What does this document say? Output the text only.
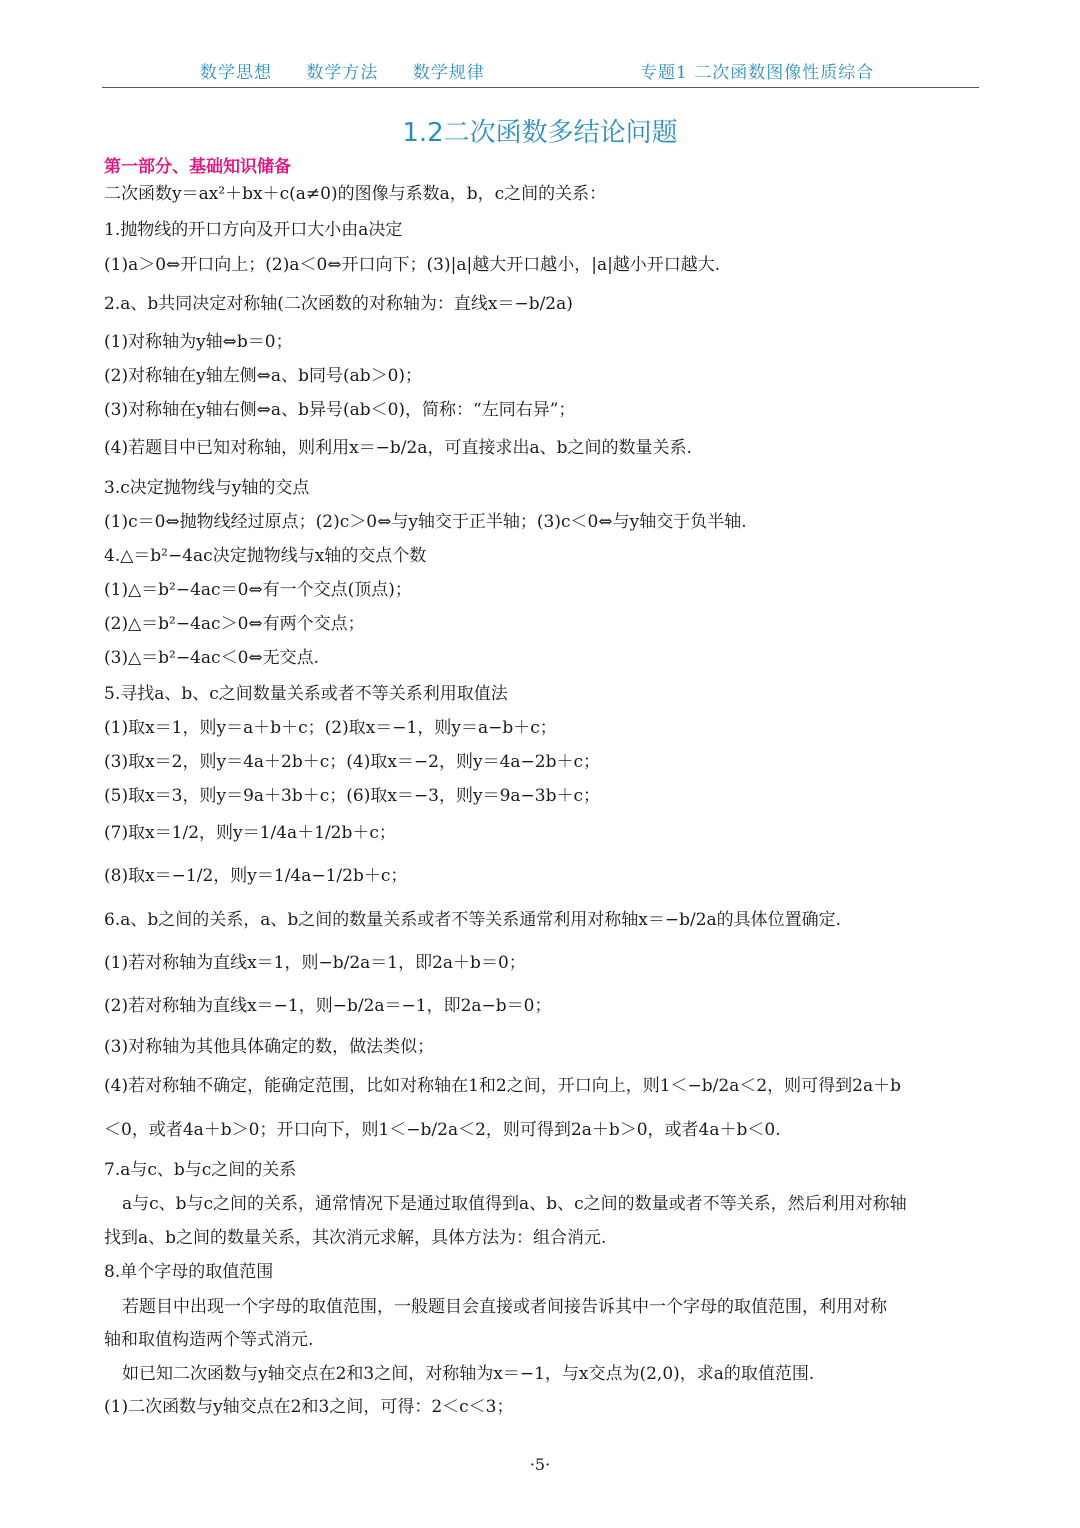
数学思想 数学方法 数学规律	专题1 二次函数图像性质综合
1.2二次函数多结论问题
第一部分、基础知识储备
二次函数y＝ax²＋bx＋c(a≠0)的图像与系数a，b，c之间的关系：
1.抛物线的开口方向及开口大小由a决定
(1)a＞0⇔开口向上；(2)a＜0⇔开口向下；(3)|a|越大开口越小，|a|越小开口越大.
2.a、b共同决定对称轴(二次函数的对称轴为：直线x＝−b/2a)
(1)对称轴为y轴⇔b＝0；
(2)对称轴在y轴左侧⇔a、b同号(ab＞0)；
(3)对称轴在y轴右侧⇔a、b异号(ab＜0)，简称：“左同右异”；
(4)若题目中已知对称轴，则利用x＝−b/2a，可直接求出a、b之间的数量关系.
3.c决定抛物线与y轴的交点
(1)c＝0⇔抛物线经过原点；(2)c＞0⇔与y轴交于正半轴；(3)c＜0⇔与y轴交于负半轴.
4.△＝b²−4ac决定抛物线与x轴的交点个数
(1)△＝b²−4ac＝0⇔有一个交点(顶点)；
(2)△＝b²−4ac＞0⇔有两个交点；
(3)△＝b²−4ac＜0⇔无交点.
5.寻找a、b、c之间数量关系或者不等关系利用取值法
(1)取x＝1，则y＝a＋b＋c；(2)取x＝−1，则y＝a−b＋c；
(3)取x＝2，则y＝4a＋2b＋c；(4)取x＝−2，则y＝4a−2b＋c；
(5)取x＝3，则y＝9a＋3b＋c；(6)取x＝−3，则y＝9a−3b＋c；
(7)取x＝1/2，则y＝1/4a＋1/2b＋c；
(8)取x＝−1/2，则y＝1/4a−1/2b＋c；
6.a、b之间的关系，a、b之间的数量关系或者不等关系通常利用对称轴x＝−b/2a的具体位置确定.
(1)若对称轴为直线x＝1，则−b/2a＝1，即2a＋b＝0；
(2)若对称轴为直线x＝−1，则−b/2a＝−1，即2a−b＝0；
(3)对称轴为其他具体确定的数，做法类似；
(4)若对称轴不确定，能确定范围，比如对称轴在1和2之间，开口向上，则1＜−b/2a＜2，则可得到2a＋b
＜0，或者4a＋b＞0；开口向下，则1＜−b/2a＜2，则可得到2a＋b＞0，或者4a＋b＜0.
7.a与c、b与c之间的关系
a与c、b与c之间的关系，通常情况下是通过取值得到a、b、c之间的数量或者不等关系，然后利用对称轴
找到a、b之间的数量关系，其次消元求解，具体方法为：组合消元.
8.单个字母的取值范围
若题目中出现一个字母的取值范围，一般题目会直接或者间接告诉其中一个字母的取值范围，利用对称
轴和取值构造两个等式消元.
如已知二次函数与y轴交点在2和3之间，对称轴为x＝−1，与x交点为(2,0)，求a的取值范围.
(1)二次函数与y轴交点在2和3之间，可得：2＜c＜3；
·5·
